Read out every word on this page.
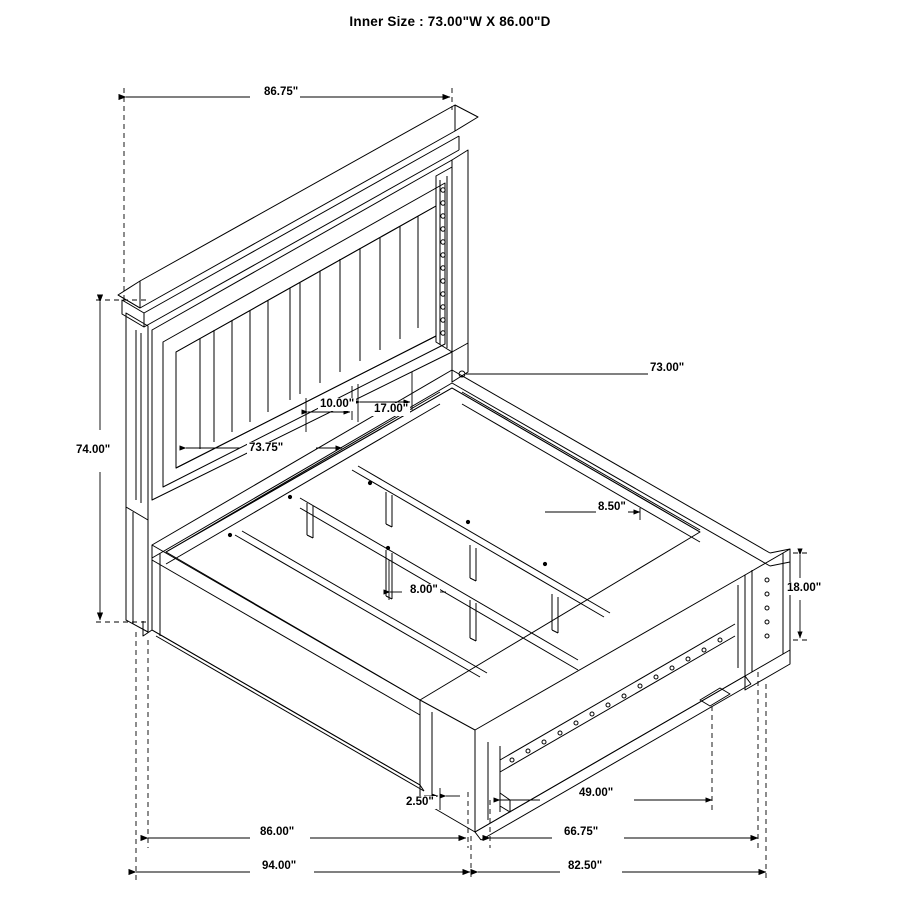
Inner Size : 73.00"W X 86.00"D
86.75"
74.00"
10.00" 17.00"
73.75"
73.00"
8.50"
8.00"	18.00"
2.50"
49.00"
86.00"	66.75"
94.00"	82.50"
